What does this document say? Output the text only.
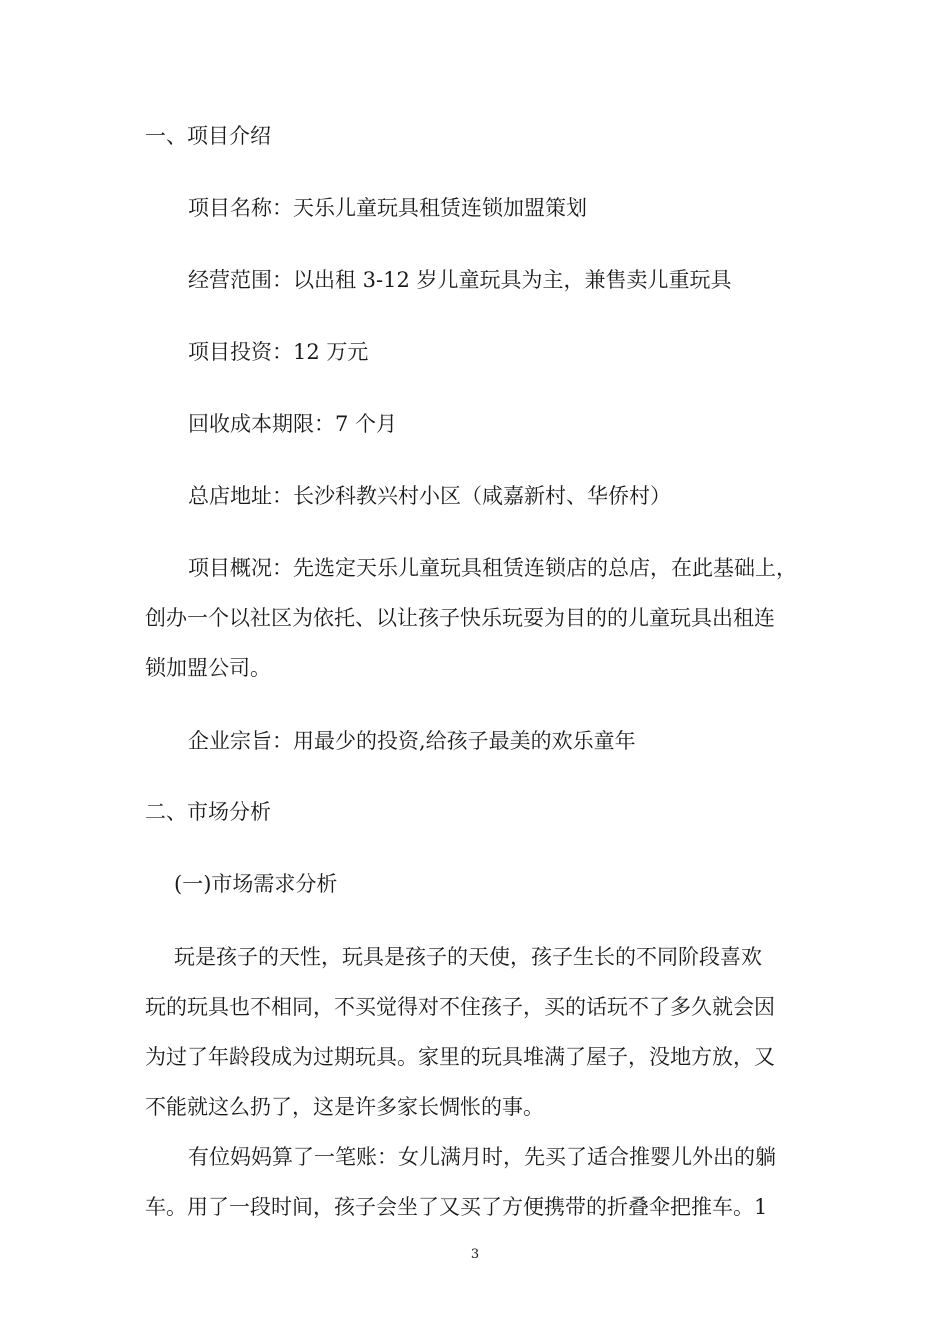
一、项目介绍

项目名称：天乐儿童玩具租赁连锁加盟策划

经营范围：以出租 3-12 岁儿童玩具为主，兼售卖儿重玩具

项目投资：12 万元

回收成本期限：7 个月

总店地址：长沙科教兴村小区（咸嘉新村、华侨村）

项目概况：先选定天乐儿童玩具租赁连锁店的总店，在此基础上，

创办一个以社区为依托、以让孩子快乐玩耍为目的的儿童玩具出租连

锁加盟公司。

企业宗旨：用最少的投资,给孩子最美的欢乐童年

二、市场分析

(一)市场需求分析

玩是孩子的天性，玩具是孩子的天使，孩子生长的不同阶段喜欢

玩的玩具也不相同，不买觉得对不住孩子，买的话玩不了多久就会因

为过了年龄段成为过期玩具。家里的玩具堆满了屋子，没地方放，又

不能就这么扔了，这是许多家长惆怅的事。

有位妈妈算了一笔账：女儿满月时，先买了适合推婴儿外出的躺

车。用了一段时间，孩子会坐了又买了方便携带的折叠伞把推车。1

3
